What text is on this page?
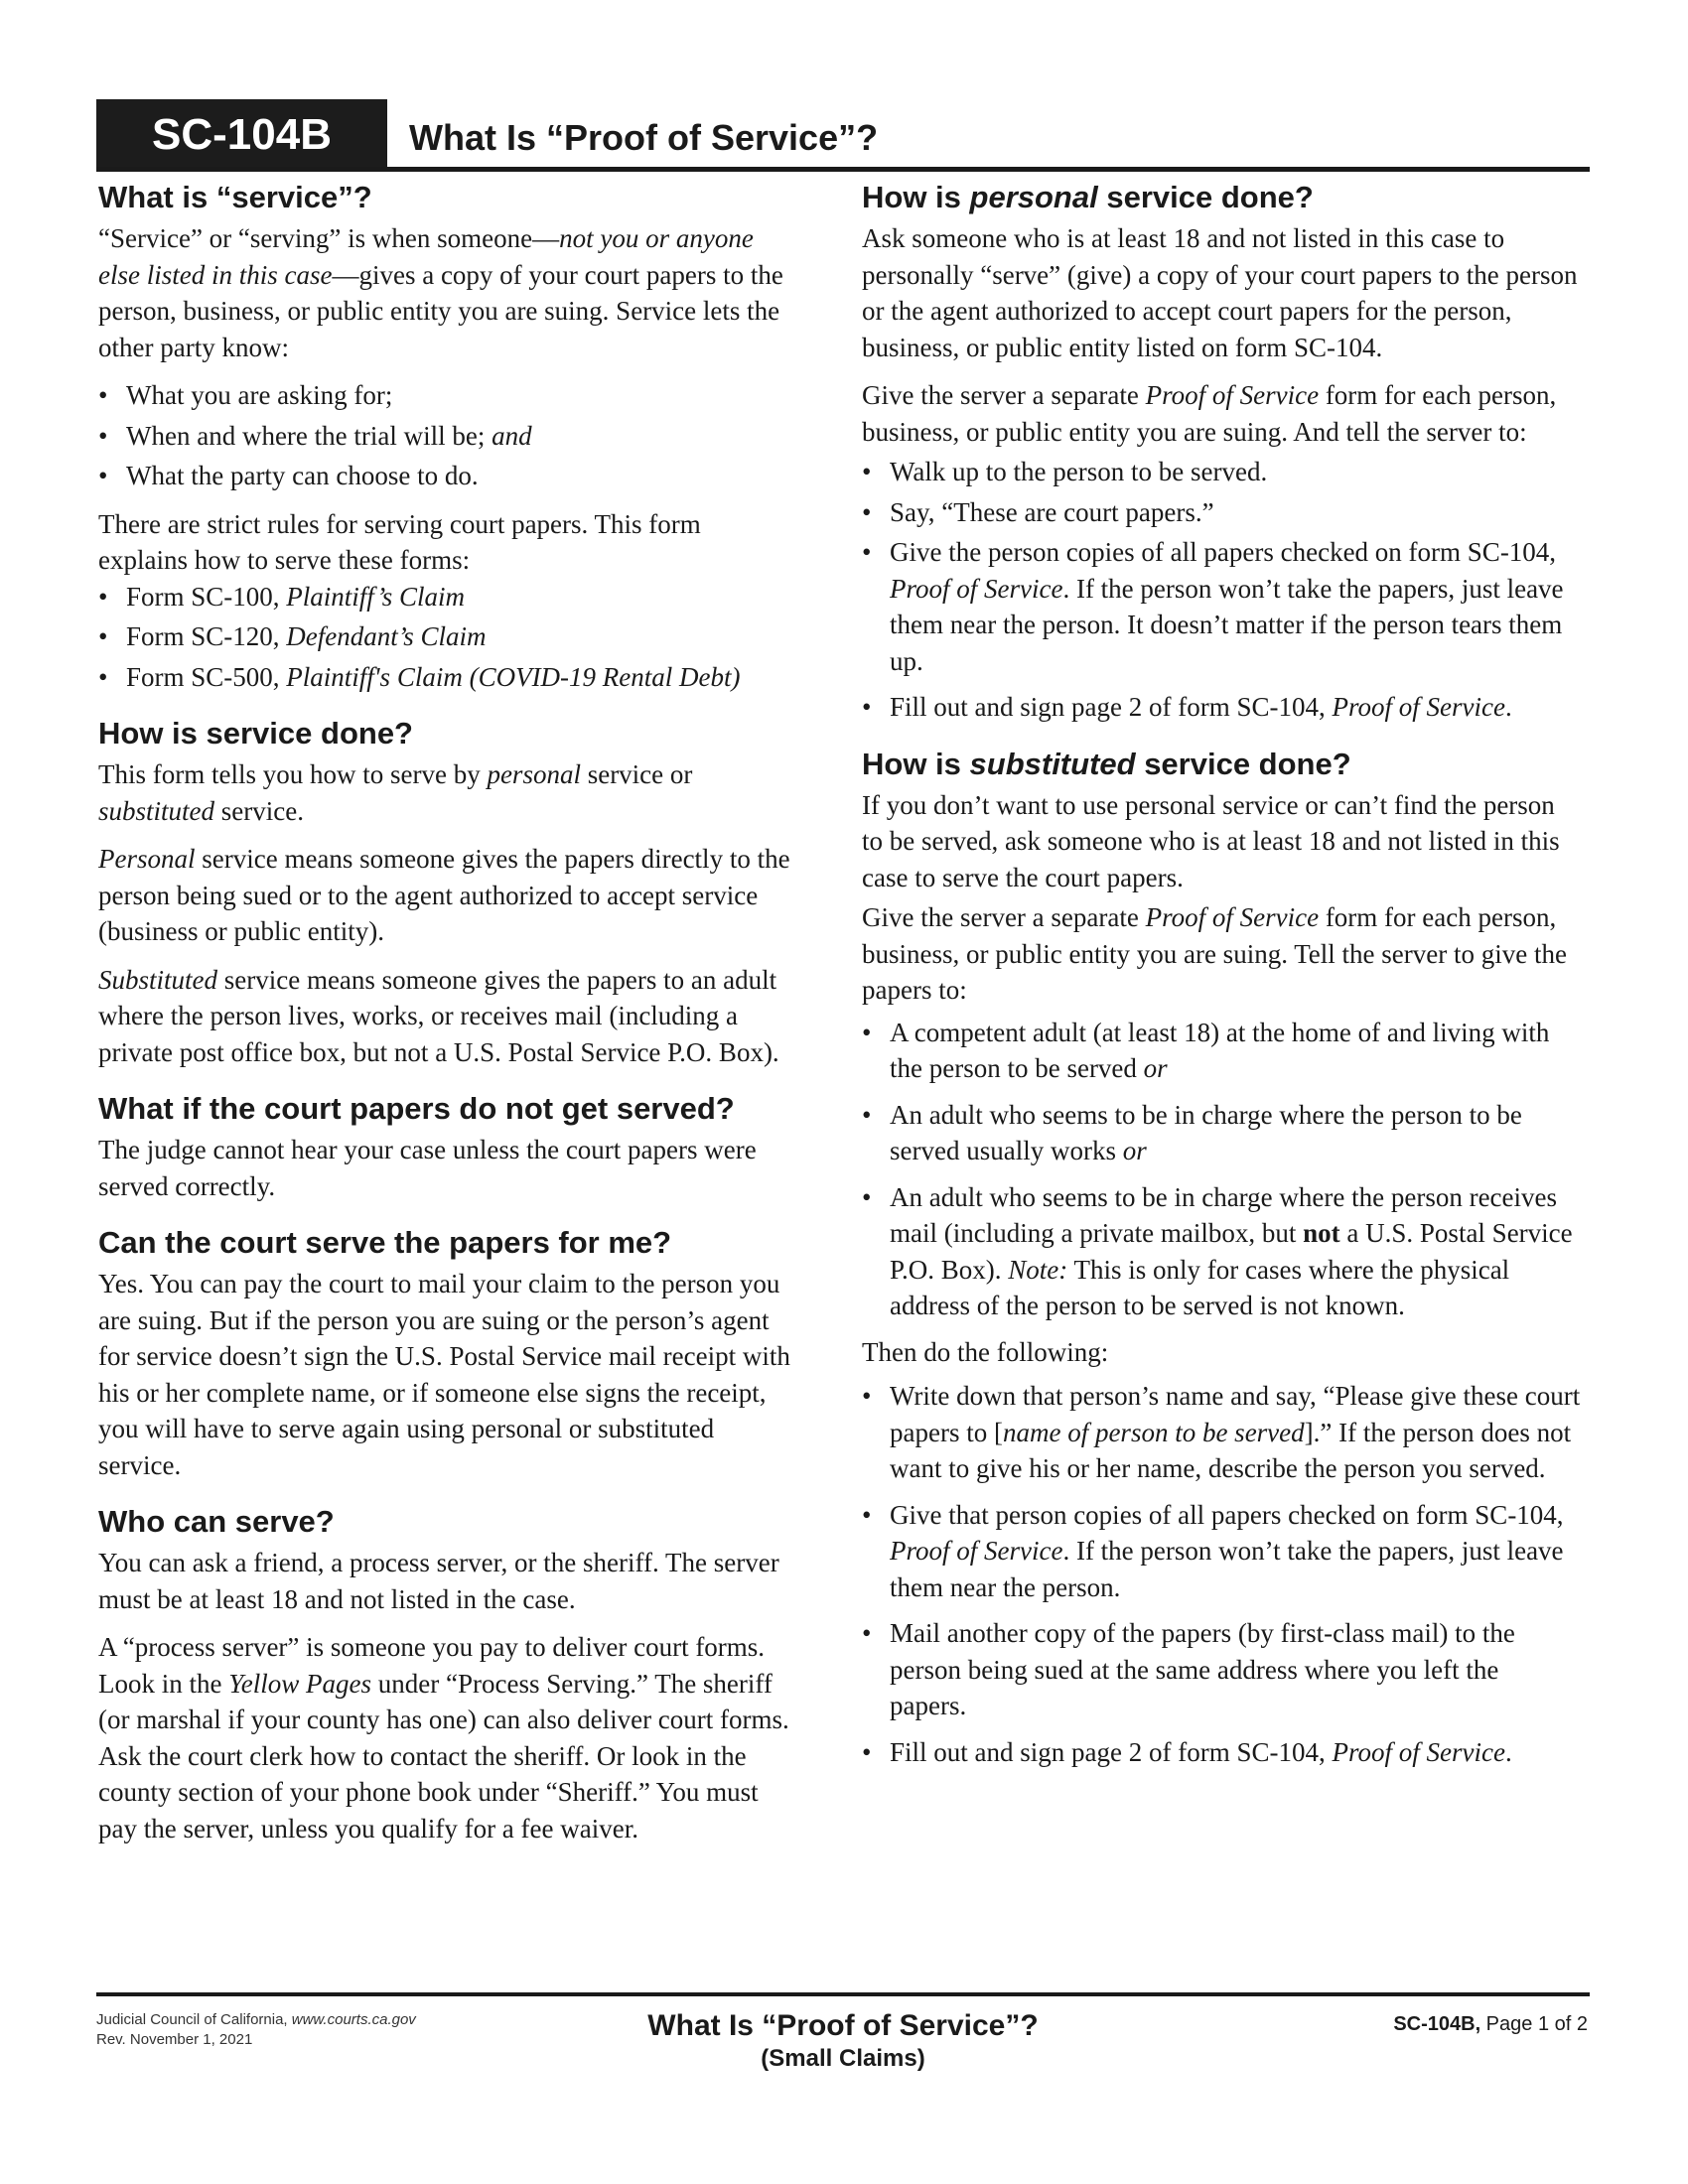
SC-104B	What Is “Proof of Service”?
What is “service”?

“Service” or “serving” is when someone—not you or anyone else listed in this case—gives a copy of your court papers to the person, business, or public entity you are suing. Service lets the other party know:

• What you are asking for;
• When and where the trial will be; and
• What the party can choose to do.

There are strict rules for serving court papers. This form explains how to serve these forms:

• Form SC-100, Plaintiff’s Claim
• Form SC-120, Defendant’s Claim
• Form SC-500, Plaintiff's Claim (COVID-19 Rental Debt)
How is service done?

This form tells you how to serve by personal service or substituted service.

Personal service means someone gives the papers directly to the person being sued or to the agent authorized to accept service (business or public entity).

Substituted service means someone gives the papers to an adult where the person lives, works, or receives mail (including a private post office box, but not a U.S. Postal Service P.O. Box).

What if the court papers do not get served?

The judge cannot hear your case unless the court papers were served correctly.

Can the court serve the papers for me?

Yes. You can pay the court to mail your claim to the person you are suing. But if the person you are suing or the person’s agent for service doesn’t sign the U.S. Postal Service mail receipt with his or her complete name, or if someone else signs the receipt, you will have to serve again using personal or substituted service.

Who can serve?

You can ask a friend, a process server, or the sheriff. The server must be at least 18 and not listed in the case.

A “process server” is someone you pay to deliver court forms. Look in the Yellow Pages under “Process Serving.” The sheriff (or marshal if your county has one) can also deliver court forms. Ask the court clerk how to contact the sheriff. Or look in the county section of your phone book under “Sheriff.” You must pay the server, unless you qualify for a fee waiver.

How is personal service done?

Ask someone who is at least 18 and not listed in this case to personally “serve” (give) a copy of your court papers to the person or the agent authorized to accept court papers for the person, business, or public entity listed on form SC-104.

Give the server a separate Proof of Service form for each person, business, or public entity you are suing. And tell the server to:

• Walk up to the person to be served.
• Say, “These are court papers.”
• Give the person copies of all papers checked on form SC-104, Proof of Service. If the person won’t take the papers, just leave them near the person. It doesn’t matter if the person tears them up.
• Fill out and sign page 2 of form SC-104, Proof of Service.
How is substituted service done?

If you don’t want to use personal service or can’t find the person to be served, ask someone who is at least 18 and not listed in this case to serve the court papers.

Give the server a separate Proof of Service form for each person, business, or public entity you are suing. Tell the server to give the papers to:

• A competent adult (at least 18) at the home of and living with the person to be served or
• An adult who seems to be in charge where the person to be served usually works or
• An adult who seems to be in charge where the person receives mail (including a private mailbox, but not a U.S. Postal Service P.O. Box). Note: This is only for cases where the physical address of the person to be served is not known.

Then do the following:

• Write down that person’s name and say, “Please give these court papers to [name of person to be served].” If the person does not want to give his or her name, describe the person you served.
• Give that person copies of all papers checked on form SC-104, Proof of Service. If the person won’t take the papers, just leave them near the person.
• Mail another copy of the papers (by first-class mail) to the person being sued at the same address where you left the papers.
• Fill out and sign page 2 of form SC-104, Proof of Service.
Judicial Council of California, www.courts.ca.gov
Rev. November 1, 2021	What Is “Proof of Service”?
(Small Claims)
SC-104B, Page 1 of 2
